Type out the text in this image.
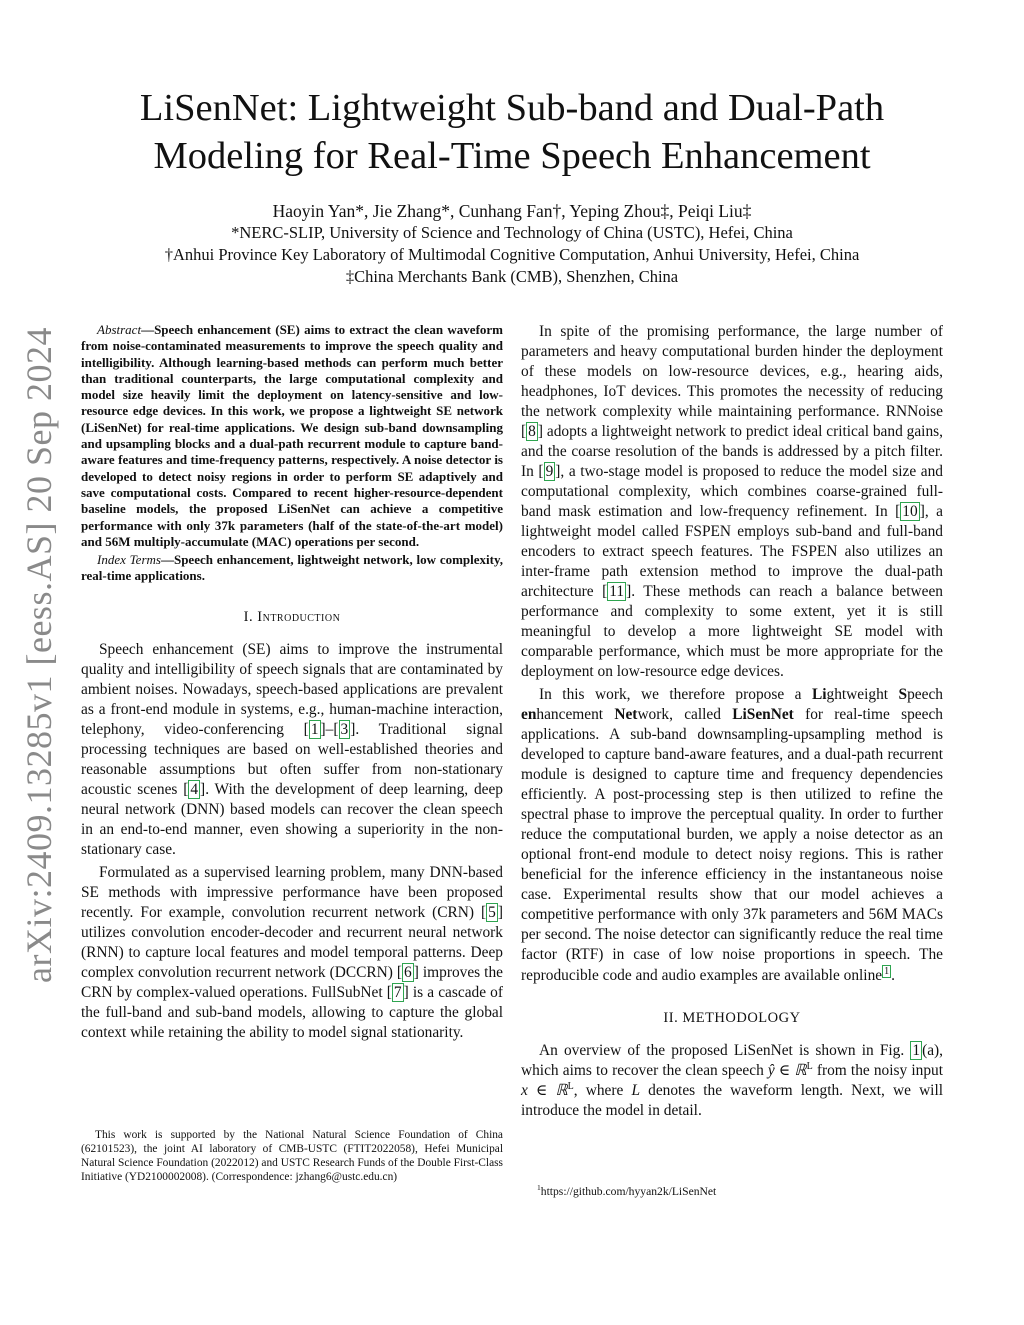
arXiv:2409.13285v1 [eess.AS] 20 Sep 2024
LiSenNet: Lightweight Sub-band and Dual-Path
Modeling for Real-Time Speech Enhancement
Haoyin Yan*, Jie Zhang*, Cunhang Fan†, Yeping Zhou‡, Peiqi Liu‡
*NERC-SLIP, University of Science and Technology of China (USTC), Hefei, China
†Anhui Province Key Laboratory of Multimodal Cognitive Computation, Anhui University, Hefei, China
‡China Merchants Bank (CMB), Shenzhen, China

Abstract—Speech enhancement (SE) aims to extract the clean waveform from noise-contaminated measurements to improve the speech quality and intelligibility. Although learning-based methods can perform much better than traditional counterparts, the large computational complexity and model size heavily limit the deployment on latency-sensitive and low-resource edge devices. In this work, we propose a lightweight SE network (LiSenNet) for real-time applications. We design sub-band downsampling and upsampling blocks and a dual-path recurrent module to capture band-aware features and time-frequency patterns, respectively. A noise detector is developed to detect noisy regions in order to perform SE adaptively and save computational costs. Compared to recent higher-resource-dependent baseline models, the proposed LiSenNet can achieve a competitive performance with only 37k parameters (half of the state-of-the-art model) and 56M multiply-accumulate (MAC) operations per second.

Index Terms—Speech enhancement, lightweight network, low complexity, real-time applications.

I. Introduction

Speech enhancement (SE) aims to improve the instrumental quality and intelligibility of speech signals that are contaminated by ambient noises. Nowadays, speech-based applications are prevalent as a front-end module in systems, e.g., human-machine interaction, telephony, video-conferencing [ 1 ]–[ 3 ]. Traditional signal processing techniques are based on well-established theories and reasonable assumptions but often suffer from non-stationary acoustic scenes [ 4 ]. With the development of deep learning, deep neural network (DNN) based models can recover the clean speech in an end-to-end manner, even showing a superiority in the non-stationary case.

Formulated as a supervised learning problem, many DNN-based SE methods with impressive performance have been proposed recently. For example, convolution recurrent network (CRN) [ 5 ] utilizes convolution encoder-decoder and recurrent neural network (RNN) to capture local features and model temporal patterns. Deep complex convolution recurrent network (DCCRN) [ 6 ] improves the CRN by complex-valued operations. FullSubNet [ 7 ] is a cascade of the full-band and sub-band models, allowing to capture the global context while retaining the ability to model signal stationarity.

This work is supported by the National Natural Science Foundation of China (62101523), the joint AI laboratory of CMB-USTC (FTIT2022058), Hefei Municipal Natural Science Foundation (2022012) and USTC Research Funds of the Double First-Class Initiative (YD2100002008). (Correspondence: jzhang6@ustc.edu.cn)

In spite of the promising performance, the large number of parameters and heavy computational burden hinder the deployment of these models on low-resource devices, e.g., hearing aids, headphones, IoT devices. This promotes the necessity of reducing the network complexity while maintaining performance. RNNoise [ 8 ] adopts a lightweight network to predict ideal critical band gains, and the coarse resolution of the bands is addressed by a pitch filter. In [ 9 ], a two-stage model is proposed to reduce the model size and computational complexity, which combines coarse-grained full-band mask estimation and low-frequency refinement. In [ 10 ], a lightweight model called FSPEN employs sub-band and full-band encoders to extract speech features. The FSPEN also utilizes an inter-frame path extension method to improve the dual-path architecture [ 11 ]. These methods can reach a balance between performance and complexity to some extent, yet it is still meaningful to develop a more lightweight SE model with comparable performance, which must be more appropriate for the deployment on low-resource edge devices.

In this work, we therefore propose a Lightweight Speech enhancement Network, called LiSenNet for real-time speech applications. A sub-band downsampling-upsampling method is developed to capture band-aware features, and a dual-path recurrent module is designed to capture time and frequency dependencies efficiently. A post-processing step is then utilized to refine the spectral phase to improve the perceptual quality. In order to further reduce the computational burden, we apply a noise detector as an optional front-end module to detect noisy regions. This is rather beneficial for the inference efficiency in the instantaneous noise case. Experimental results show that our model achieves a competitive performance with only 37k parameters and 56M MACs per second. The noise detector can significantly reduce the real time factor (RTF) in case of low noise proportions in speech. The reproducible code and audio examples are available online $^1$ .

II. METHODOLOGY

An overview of the proposed LiSenNet is shown in Fig. 1 (a), which aims to recover the clean speech ŷ ∈ ℝ$^L$ from the noisy input x ∈ ℝ$^L$, where L denotes the waveform length. Next, we will introduce the model in detail.

$^1$https://github.com/hyyan2k/LiSenNet
